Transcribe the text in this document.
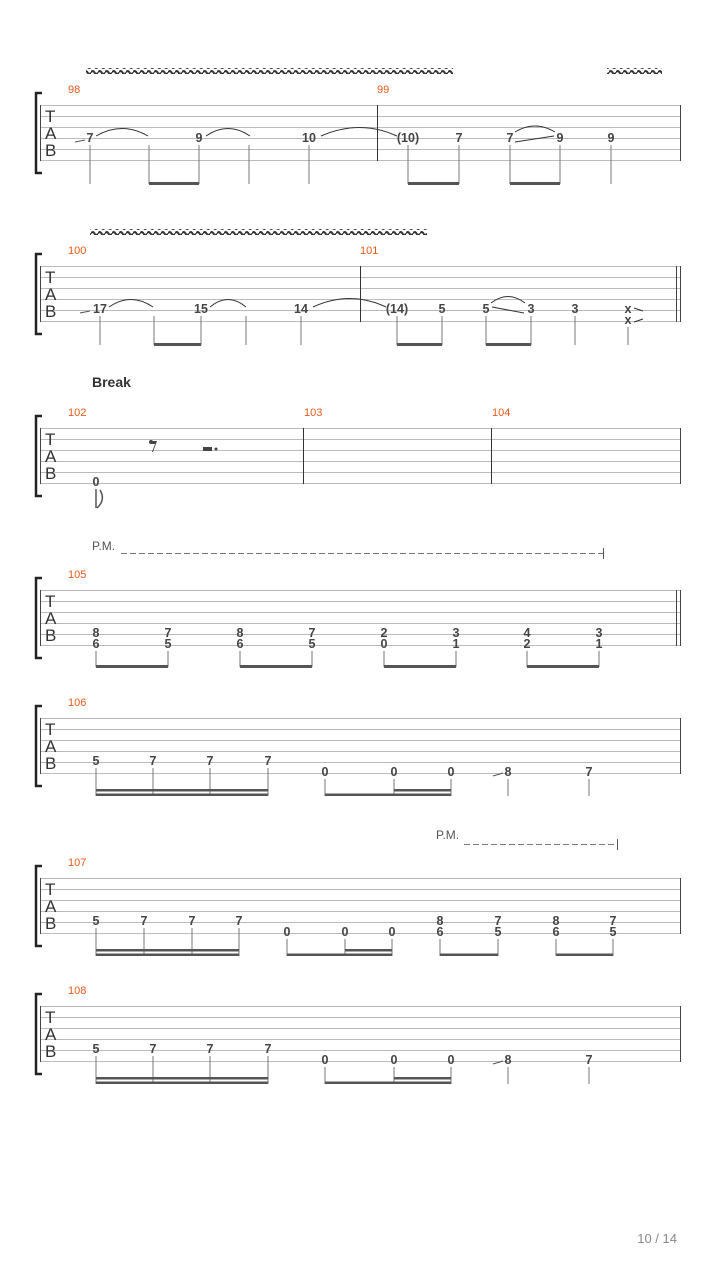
T
A
B
98	99
7	9	10	(10)	7	7	9	9
T
A
B
100	101
17	15	14	(14) 5	5	3	3	x
x
Break
T
A
B
102	103	104
0
P.M.
T
A
B
105
8
6
7
5
8
6
7
5
2
0
3
1
4
2
3
1
T
A
B
106
5	7	7	7
0	0	0	8	7
P.M.
T
A
B
107
5	7	7	7
0	0	0
8
6
7
5
8
6
7
5
T
A
B
108
5	7	7	7
0	0	0	8	7
10 / 14
